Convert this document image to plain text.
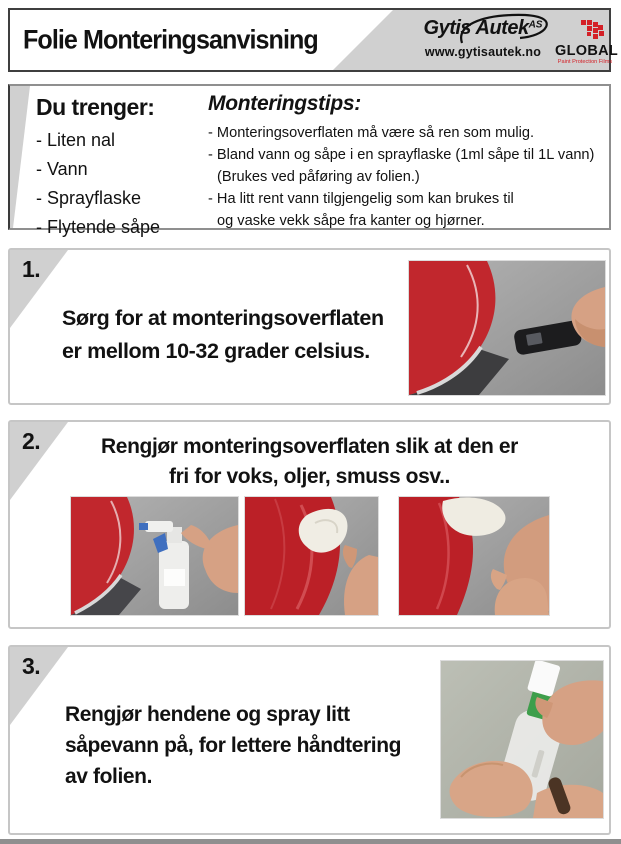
Folie Monteringsanvisning	Gytis Autek$^{AS}$
www.gytisautek.no GLOBAL
Paint Protection Films
Du trenger:
- Liten nal
- Vann
- Sprayflaske
- Flytende såpe
Monteringstips:
- Monteringsoverflaten må være så ren som mulig.
- Bland vann og såpe i en sprayflaske (1ml såpe til 1L vann)
(Brukes ved påføring av folien.)
- Ha litt rent vann tilgjengelig som kan brukes til
og vaske vekk såpe fra kanter og hjørner.
1.
Sørg for at monteringsoverflaten
er mellom 10-32 grader celsius.
2.	Rengjør monteringsoverflaten slik at den er
fri for voks, oljer, smuss osv..
3.
Rengjør hendene og spray litt
såpevann på, for lettere håndtering
av folien.
